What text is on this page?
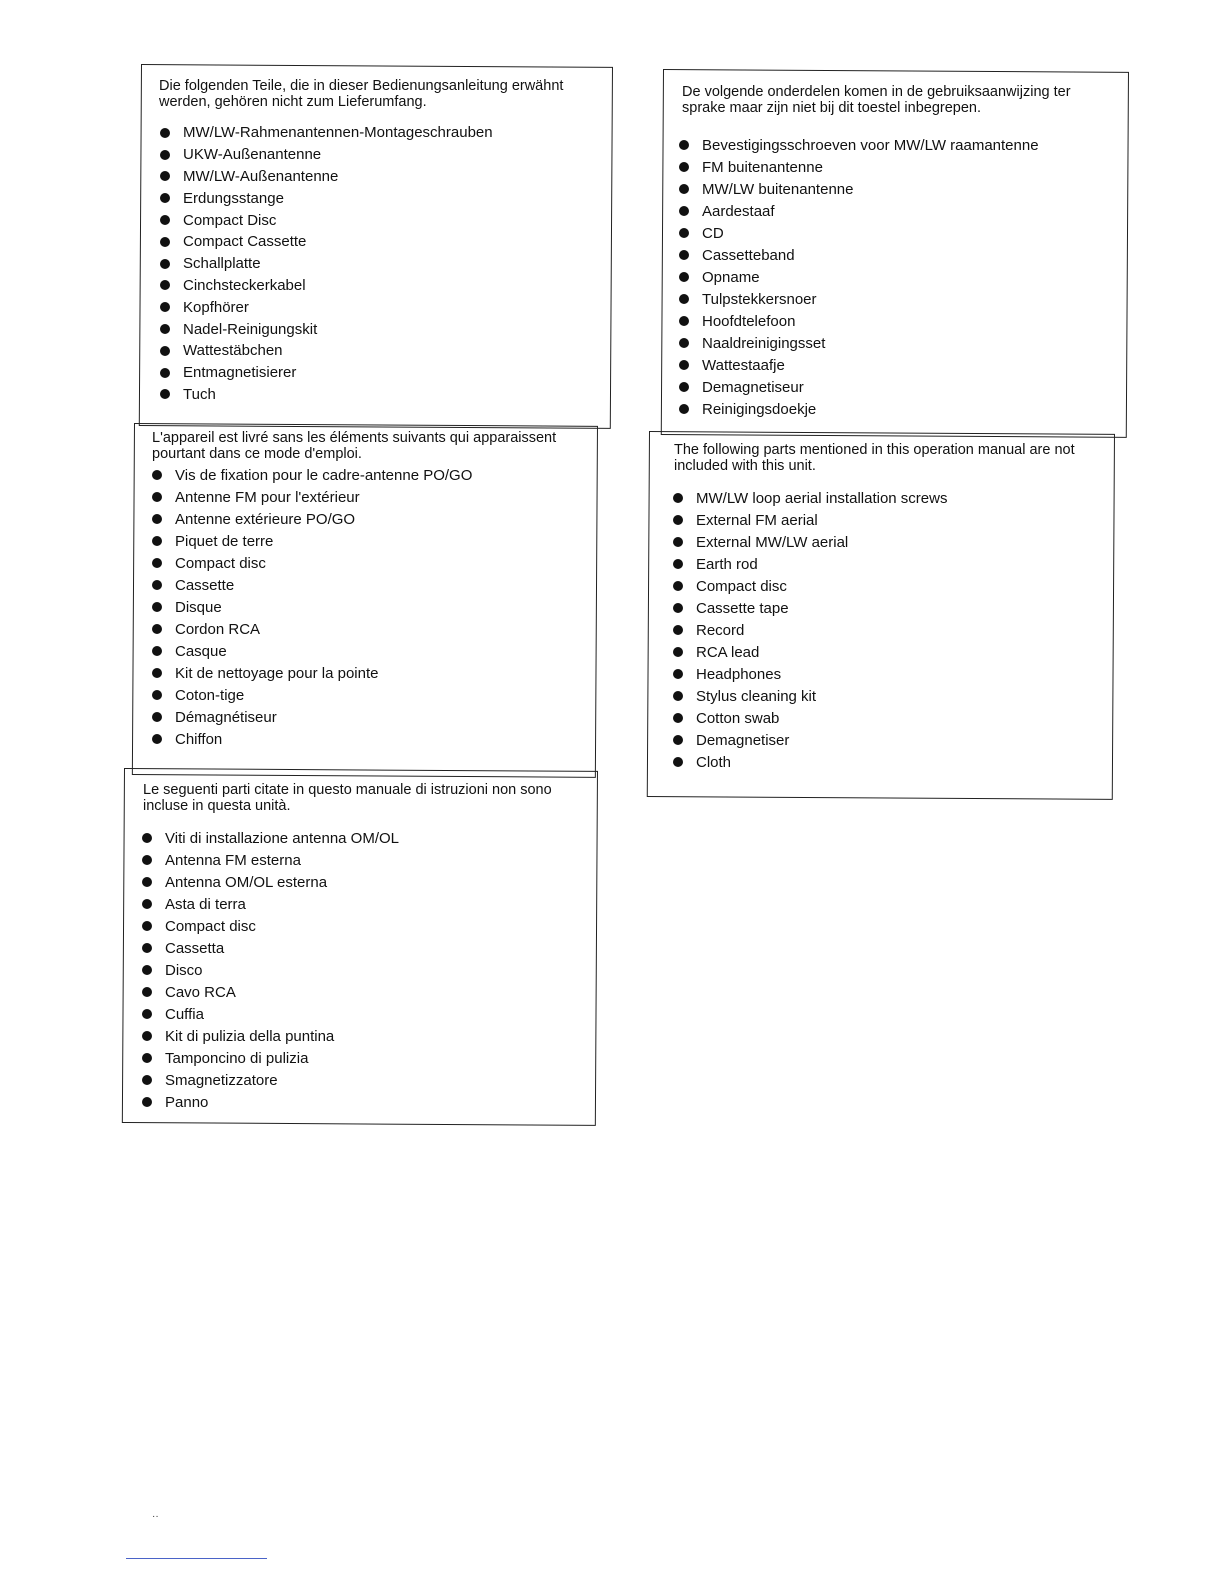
Die folgenden Teile, die in dieser Bedienungsanleitung erwähnt werden, gehören nicht zum Lieferumfang.
MW/LW-Rahmenantennen-Montageschrauben
UKW-Außenantenne
MW/LW-Außenantenne
Erdungsstange
Compact Disc
Compact Cassette
Schallplatte
Cinchsteckerkabel
Kopfhörer
Nadel-Reinigungskit
Wattestäbchen
Entmagnetisierer
Tuch
L'appareil est livré sans les éléments suivants qui apparaissent pourtant dans ce mode d'emploi.
Vis de fixation pour le cadre-antenne PO/GO
Antenne FM pour l'extérieur
Antenne extérieure PO/GO
Piquet de terre
Compact disc
Cassette
Disque
Cordon RCA
Casque
Kit de nettoyage pour la pointe
Coton-tige
Démagnétiseur
Chiffon
Le seguenti parti citate in questo manuale di istruzioni non sono incluse in questa unità.
Viti di installazione antenna OM/OL
Antenna FM esterna
Antenna OM/OL esterna
Asta di terra
Compact disc
Cassetta
Disco
Cavo RCA
Cuffia
Kit di pulizia della puntina
Tamponcino di pulizia
Smagnetizzatore
Panno
De volgende onderdelen komen in de gebruiksaanwijzing ter sprake maar zijn niet bij dit toestel inbegrepen.
Bevestigingsschroeven voor MW/LW raamantenne
FM buitenantenne
MW/LW buitenantenne
Aardestaaf
CD
Cassetteband
Opname
Tulpstekkersnoer
Hoofdtelefoon
Naaldreinigingsset
Wattestaafje
Demagnetiseur
Reinigingsdoekje
The following parts mentioned in this operation manual are not included with this unit.
MW/LW loop aerial installation screws
External FM aerial
External MW/LW aerial
Earth rod
Compact disc
Cassette tape
Record
RCA lead
Headphones
Stylus cleaning kit
Cotton swab
Demagnetiser
Cloth
··
